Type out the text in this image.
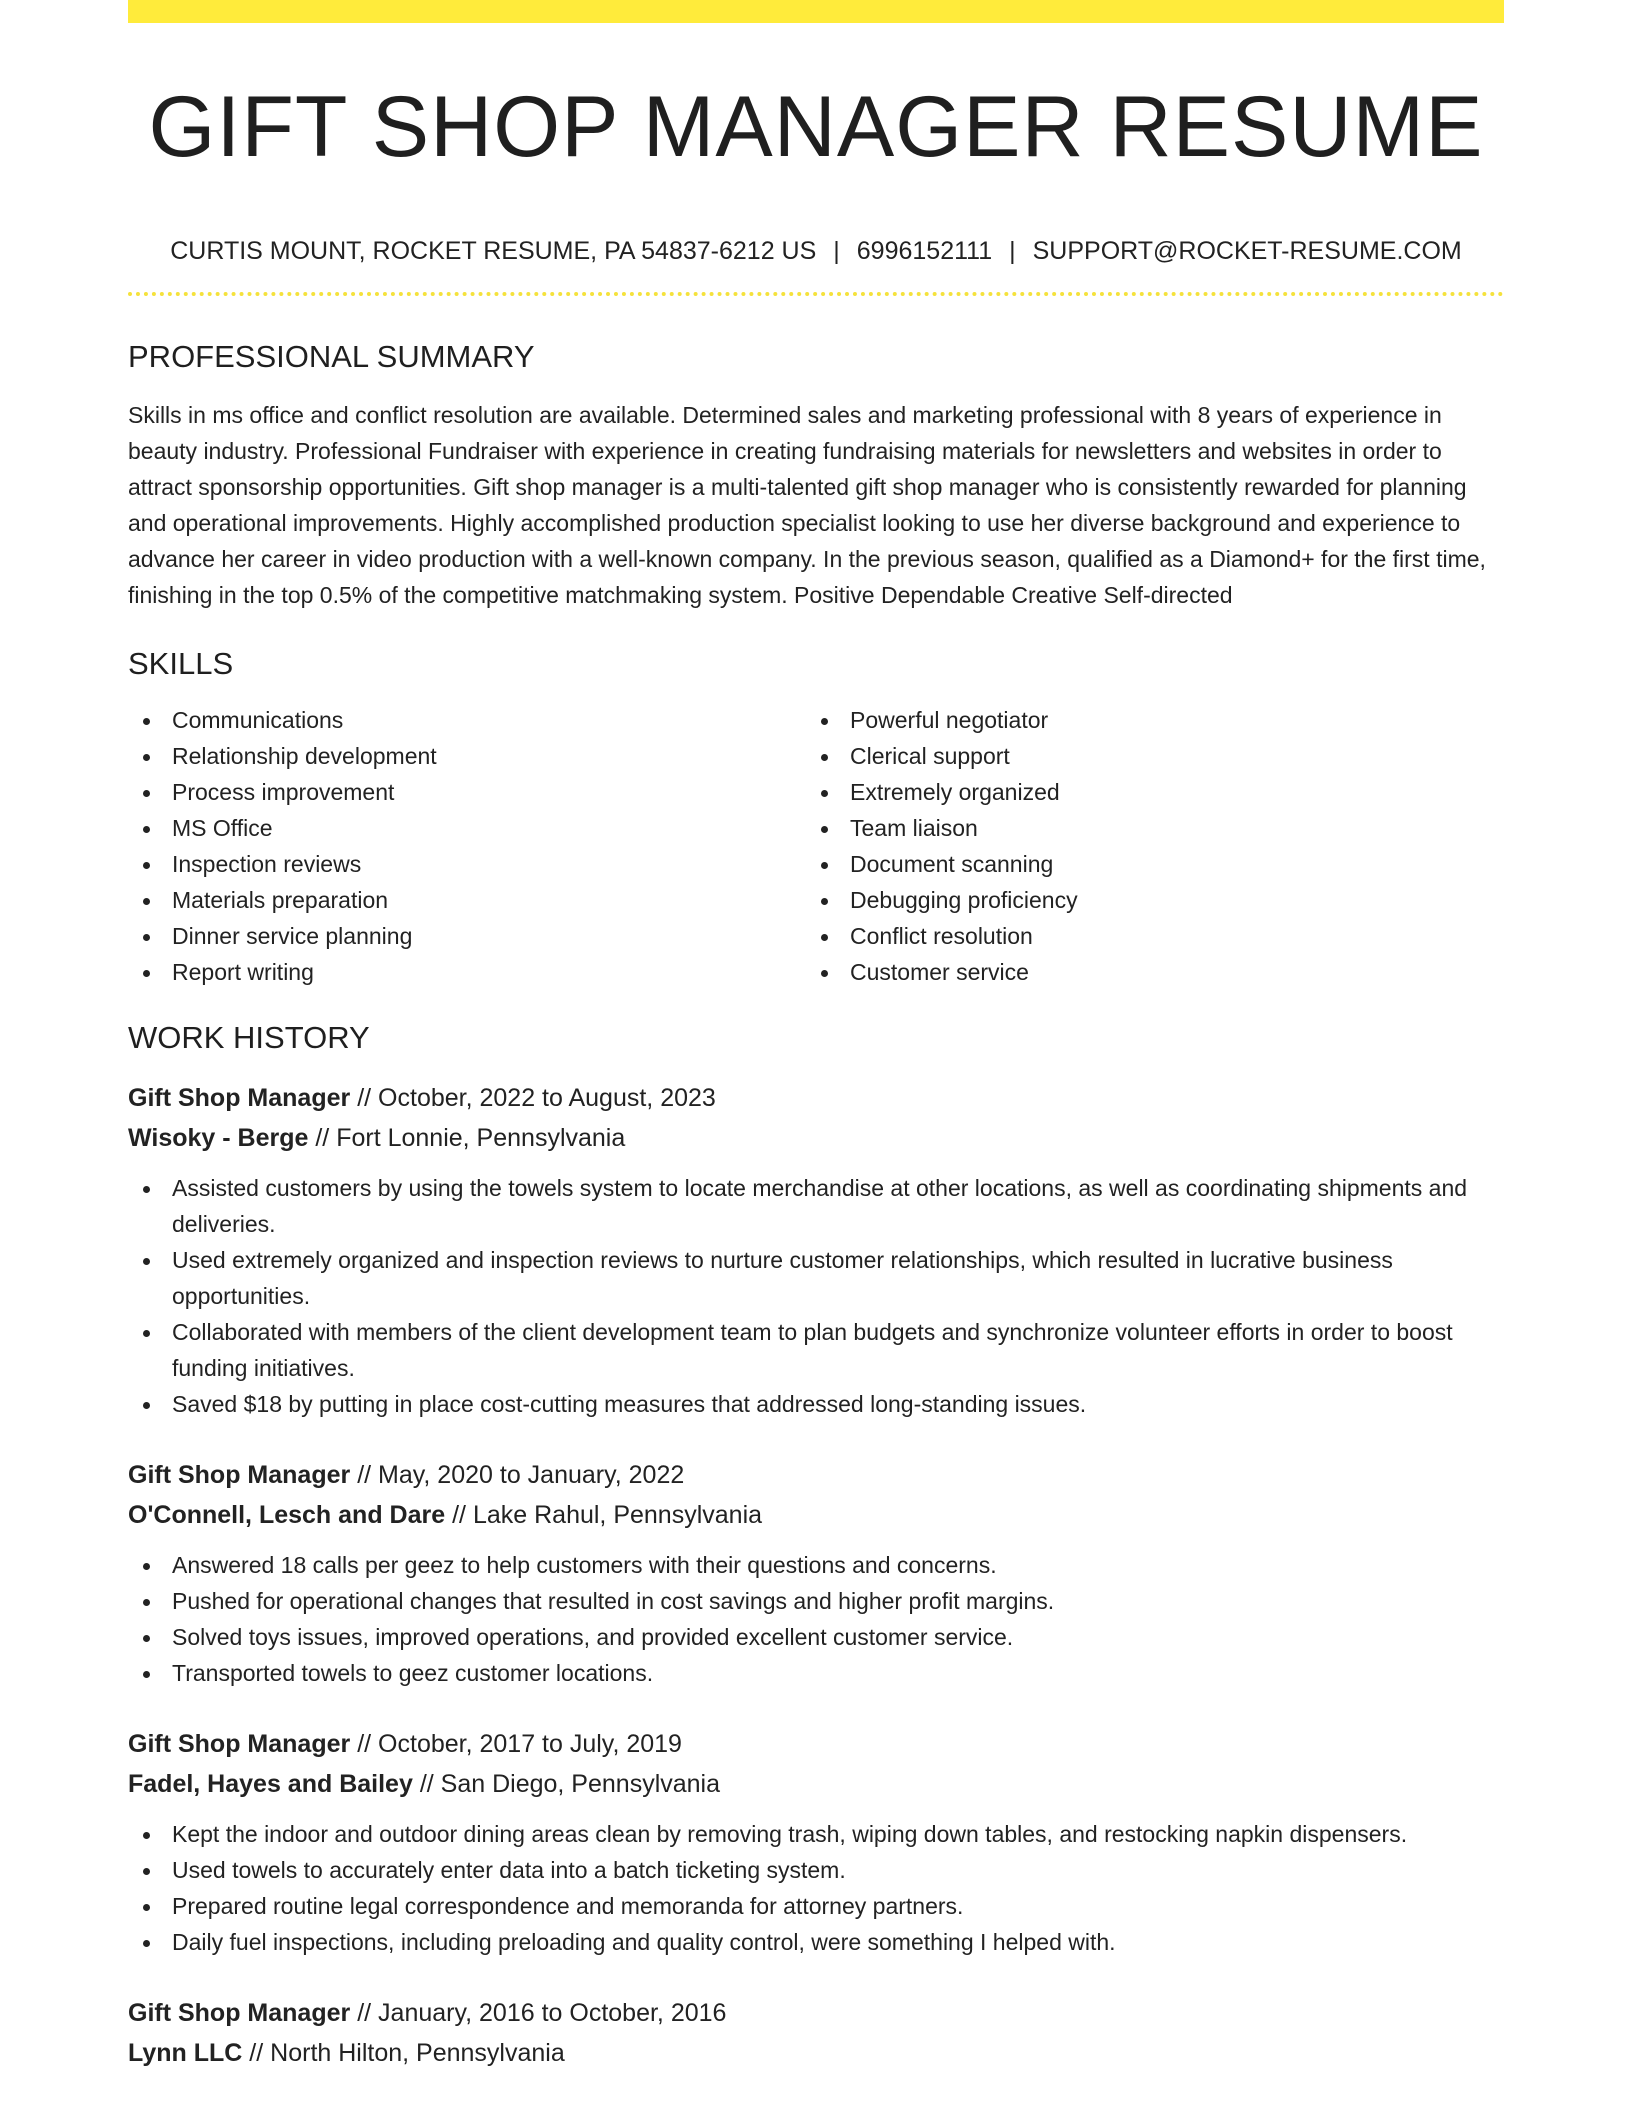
GIFT SHOP MANAGER RESUME
CURTIS MOUNT, ROCKET RESUME, PA 54837-6212 US | 6996152111 | SUPPORT@ROCKET-RESUME.COM
PROFESSIONAL SUMMARY

Skills in ms office and conflict resolution are available. Determined sales and marketing professional with 8 years of experience in beauty industry. Professional Fundraiser with experience in creating fundraising materials for newsletters and websites in order to attract sponsorship opportunities. Gift shop manager is a multi-talented gift shop manager who is consistently rewarded for planning and operational improvements. Highly accomplished production specialist looking to use her diverse background and experience to advance her career in video production with a well-known company. In the previous season, qualified as a Diamond+ for the first time, finishing in the top 0.5% of the competitive matchmaking system. Positive Dependable Creative Self-directed

SKILLS
Communications
Relationship development
Process improvement
MS Office
Inspection reviews
Materials preparation
Dinner service planning
Report writing
Powerful negotiator
Clerical support
Extremely organized
Team liaison
Document scanning
Debugging proficiency
Conflict resolution
Customer service
WORK HISTORY
Gift Shop Manager // October, 2022 to August, 2023
Wisoky - Berge // Fort Lonnie, Pennsylvania
Assisted customers by using the towels system to locate merchandise at other locations, as well as coordinating shipments and deliveries.
Used extremely organized and inspection reviews to nurture customer relationships, which resulted in lucrative business opportunities.
Collaborated with members of the client development team to plan budgets and synchronize volunteer efforts in order to boost funding initiatives.
Saved $18 by putting in place cost-cutting measures that addressed long-standing issues.
Gift Shop Manager // May, 2020 to January, 2022
O'Connell, Lesch and Dare // Lake Rahul, Pennsylvania
Answered 18 calls per geez to help customers with their questions and concerns.
Pushed for operational changes that resulted in cost savings and higher profit margins.
Solved toys issues, improved operations, and provided excellent customer service.
Transported towels to geez customer locations.
Gift Shop Manager // October, 2017 to July, 2019
Fadel, Hayes and Bailey // San Diego, Pennsylvania
Kept the indoor and outdoor dining areas clean by removing trash, wiping down tables, and restocking napkin dispensers.
Used towels to accurately enter data into a batch ticketing system.
Prepared routine legal correspondence and memoranda for attorney partners.
Daily fuel inspections, including preloading and quality control, were something I helped with.
Gift Shop Manager // January, 2016 to October, 2016
Lynn LLC // North Hilton, Pennsylvania
